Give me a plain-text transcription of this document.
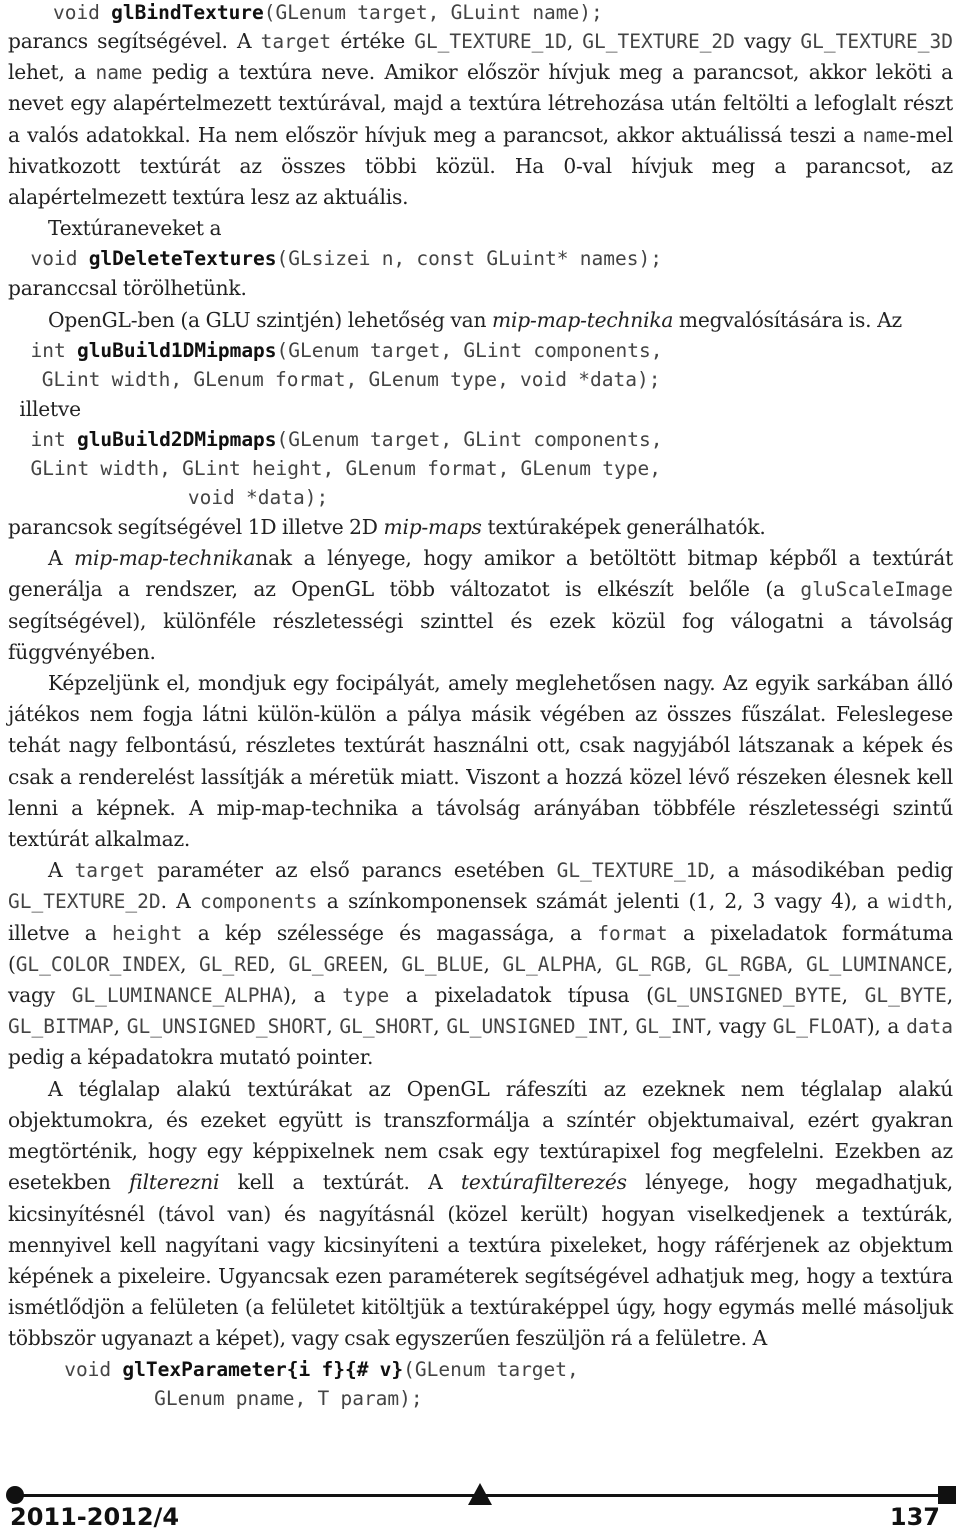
void glBindTexture(GLenum target, GLuint name);

parancs segítségével. A target értéke GL_TEXTURE_1D, GL_TEXTURE_2D vagy GL_TEXTURE_3D lehet, a name pedig a textúra neve. Amikor először hívjuk meg a parancsot, akkor leköti a nevet egy alapértelmezett textúrával, majd a textúra létrehozása után feltölti a lefoglalt részt a valós adatokkal. Ha nem először hívjuk meg a parancsot, akkor aktuálissá teszi a name-mel hivatkozott textúrát az összes többi közül. Ha 0-val hívjuk meg a parancsot, az alapértelmezett textúra lesz az aktuális.

Textúraneveket a

void glDeleteTextures(GLsizei n, const GLuint* names);

paranccsal törölhetünk.

OpenGL-ben (a GLU szintjén) lehetőség van mip-map-technika megvalósítására is. Az

int gluBuild1DMipmaps(GLenum target, GLint components,

GLint width, GLenum format, GLenum type, void *data);

illetve

int gluBuild2DMipmaps(GLenum target, GLint components,

GLint width, GLint height, GLenum format, GLenum type,

void *data);

parancsok segítségével 1D illetve 2D mip-maps textúraképek generálhatók.

A mip-map-technikanak a lényege, hogy amikor a betöltött bitmap képből a textúrát generálja a rendszer, az OpenGL több változatot is elkészít belőle (a gluScaleImage segítségével), különféle részletességi szinttel és ezek közül fog válogatni a távolság függvényében.

Képzeljünk el, mondjuk egy focipályát, amely meglehetősen nagy. Az egyik sarkában álló játékos nem fogja látni külön-külön a pálya másik végében az összes fűszálat. Feleslegese tehát nagy felbontású, részletes textúrát használni ott, csak nagyjából látszanak a képek és csak a renderelést lassítják a méretük miatt. Viszont a hozzá közel lévő részeken élesnek kell lenni a képnek. A mip-map-technika a távolság arányában többféle részletességi szintű textúrát alkalmaz.

A target paraméter az első parancs esetében GL_TEXTURE_1D, a másodikéban pedig GL_TEXTURE_2D. A components a színkomponensek számát jelenti (1, 2, 3 vagy 4), a width, illetve a height a kép szélessége és magassága, a format a pixeladatok formátuma (GL_COLOR_INDEX, GL_RED, GL_GREEN, GL_BLUE, GL_ALPHA, GL_RGB, GL_RGBA, GL_LUMINANCE, vagy GL_LUMINANCE_ALPHA), a type a pixeladatok típusa (GL_UNSIGNED_BYTE, GL_BYTE, GL_BITMAP, GL_UNSIGNED_SHORT, GL_SHORT, GL_UNSIGNED_INT, GL_INT, vagy GL_FLOAT), a data pedig a képadatokra mutató pointer.

A téglalap alakú textúrákat az OpenGL ráfeszíti az ezeknek nem téglalap alakú objektumokra, és ezeket együtt is transzformálja a színtér objektumaival, ezért gyakran megtörténik, hogy egy képpixelnek nem csak egy textúrapixel fog megfelelni. Ezekben az esetekben filterezni kell a textúrát. A textúrafilterezés lényege, hogy megadhatjuk, kicsinyítésnél (távol van) és nagyításnál (közel került) hogyan viselkedjenek a textúrák, mennyivel kell nagyítani vagy kicsinyíteni a textúra pixeleket, hogy ráférjenek az objektum képének a pixeleire. Ugyancsak ezen paraméterek segítségével adhatjuk meg, hogy a textúra ismétlődjön a felületen (a felületet kitöltjük a textúraképpel úgy, hogy egymás mellé másoljuk többször ugyanazt a képet), vagy csak egyszerűen feszüljön rá a felületre. A

void glTexParameter{i f}{# v}(GLenum target,

GLenum pname, T param);

2011-2012/4	137
